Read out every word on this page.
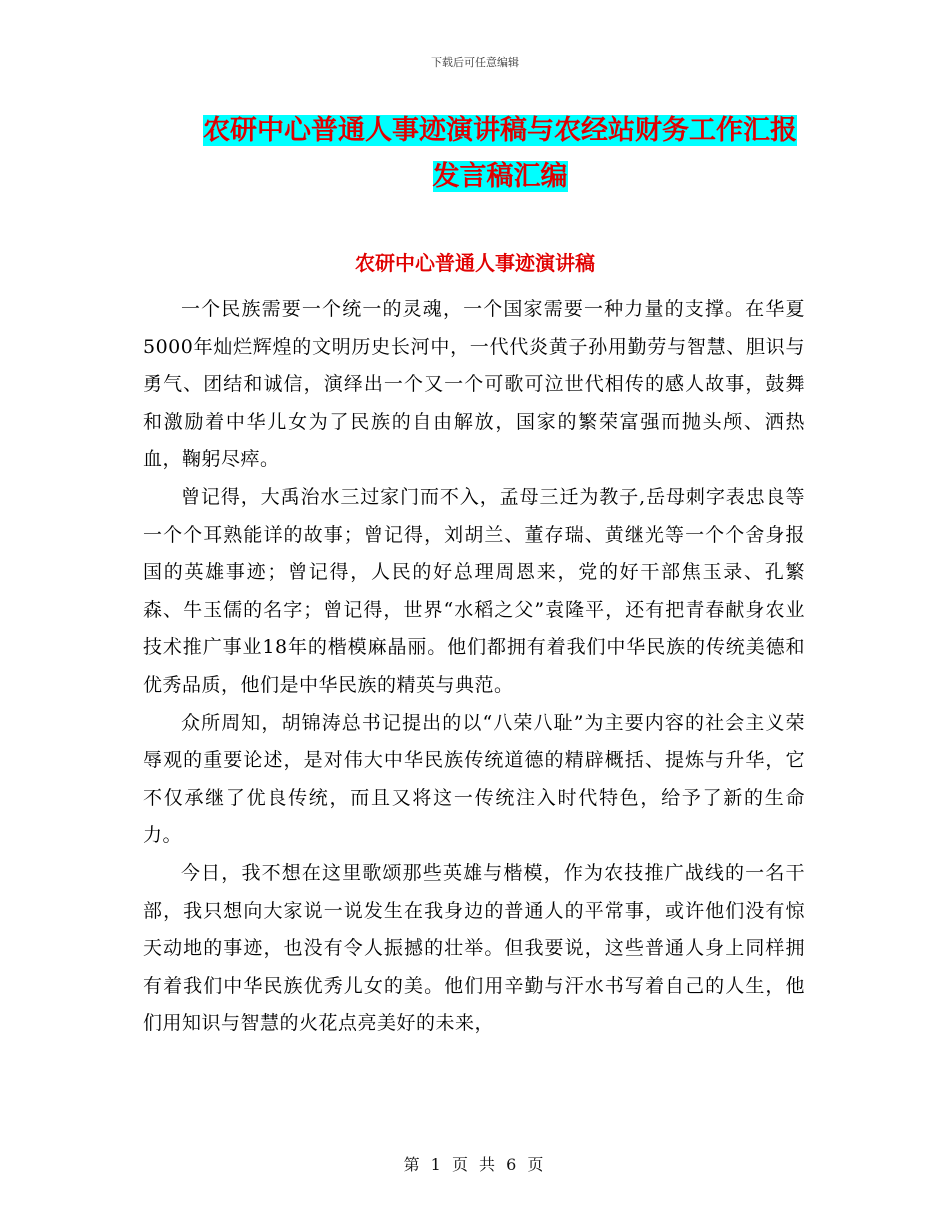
下载后可任意编辑
农研中心普通人事迹演讲稿与农经站财务工作汇报发言稿汇编
农研中心普通人事迹演讲稿

一个民族需要一个统一的灵魂，一个国家需要一种力量的支撑。在华夏5000年灿烂辉煌的文明历史长河中，一代代炎黄子孙用勤劳与智慧、胆识与勇气、团结和诚信，演绎出一个又一个可歌可泣世代相传的感人故事，鼓舞和激励着中华儿女为了民族的自由解放，国家的繁荣富强而抛头颅、洒热血，鞠躬尽瘁。

曾记得，大禹治水三过家门而不入，孟母三迁为教子,岳母刺字表忠良等一个个耳熟能详的故事；曾记得，刘胡兰、董存瑞、黄继光等一个个舍身报国的英雄事迹；曾记得，人民的好总理周恩来，党的好干部焦玉录、孔繁森、牛玉儒的名字；曾记得，世界“水稻之父”袁隆平，还有把青春献身农业技术推广事业18年的楷模麻晶丽。他们都拥有着我们中华民族的传统美德和优秀品质，他们是中华民族的精英与典范。

众所周知，胡锦涛总书记提出的以“八荣八耻”为主要内容的社会主义荣辱观的重要论述，是对伟大中华民族传统道德的精辟概括、提炼与升华，它不仅承继了优良传统，而且又将这一传统注入时代特色，给予了新的生命力。

今日，我不想在这里歌颂那些英雄与楷模，作为农技推广战线的一名干部，我只想向大家说一说发生在我身边的普通人的平常事，或许他们没有惊天动地的事迹，也没有令人振撼的壮举。但我要说，这些普通人身上同样拥有着我们中华民族优秀儿女的美。他们用辛勤与汗水书写着自己的人生，他们用知识与智慧的火花点亮美好的未来，

第 1 页 共 6 页
